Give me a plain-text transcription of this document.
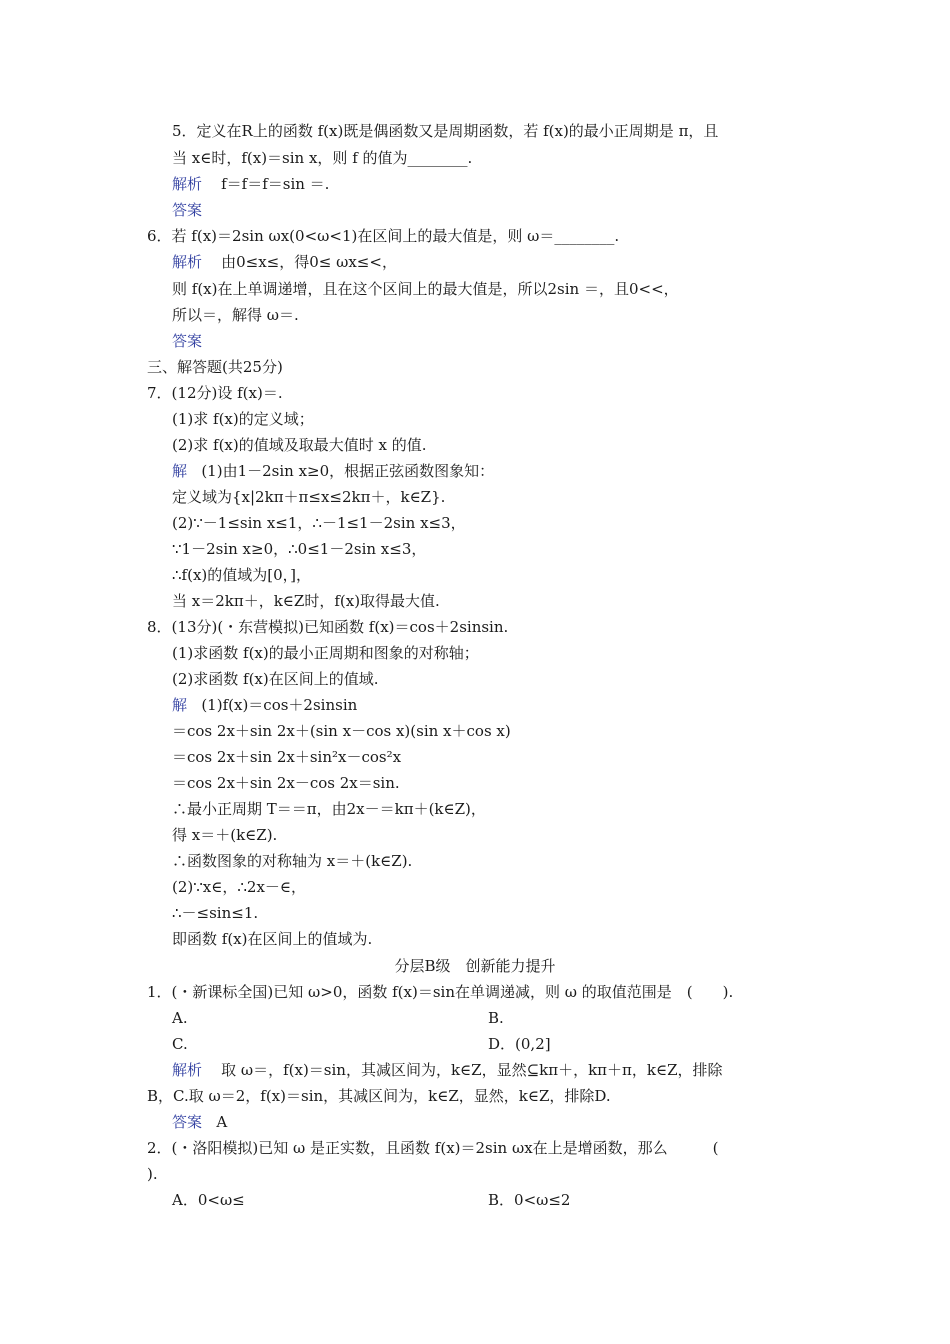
5．定义在R上的函数 f(x)既是偶函数又是周期函数，若 f(x)的最小正周期是 π，且
当 x∈时，f(x)＝sin x，则 f 的值为________.
解析 f＝f＝f＝sin ＝.
答案
6．若 f(x)＝2sin ωx(0<ω<1)在区间上的最大值是，则 ω＝________.
解析 由0≤x≤，得0≤ ωx≤<，
则 f(x)在上单调递增，且在这个区间上的最大值是，所以2sin ＝，且0<<，
所以＝，解得 ω＝.
答案
三、解答题(共25分)
7．(12分)设 f(x)＝.
(1)求 f(x)的定义域；
(2)求 f(x)的值域及取最大值时 x 的值.
解 (1)由1－2sin x≥0，根据正弦函数图象知：
定义域为{x|2kπ＋π≤x≤2kπ＋，k∈Z}.
(2)∵－1≤sin x≤1，∴－1≤1－2sin x≤3，
∵1－2sin x≥0，∴0≤1－2sin x≤3，
∴f(x)的值域为[0，]，
当 x＝2kπ＋，k∈Z时，f(x)取得最大值.
8．(13分)(・东营模拟)已知函数 f(x)＝cos＋2sinsin.
(1)求函数 f(x)的最小正周期和图象的对称轴；
(2)求函数 f(x)在区间上的值域.
解 (1)f(x)＝cos＋2sinsin
＝cos 2x＋sin 2x＋(sin x－cos x)(sin x＋cos x)
＝cos 2x＋sin 2x＋sin²x－cos²x
＝cos 2x＋sin 2x－cos 2x＝sin.
∴最小正周期 T＝＝π，由2x－＝kπ＋(k∈Z)，
得 x＝＋(k∈Z).
∴函数图象的对称轴为 x＝＋(k∈Z).
(2)∵x∈，∴2x－∈，
∴－≤sin≤1.
即函数 f(x)在区间上的值域为.
分层B级　创新能力提升
1．(・新课标全国)已知 ω>0，函数 f(x)＝sin在单调递减，则 ω 的取值范围是　(　　).
A.	B.
C.	D．(0,2]
解析 取 ω＝，f(x)＝sin，其减区间为，k∈Z，显然⊆kπ＋，kπ＋π，k∈Z，排除
B，C.取 ω＝2，f(x)＝sin，其减区间为，k∈Z，显然，k∈Z，排除D.
答案 A
2．(・洛阳模拟)已知 ω 是正实数，且函数 f(x)＝2sin ωx在上是增函数，那么　　　(
).
A．0<ω≤	B．0<ω≤2
